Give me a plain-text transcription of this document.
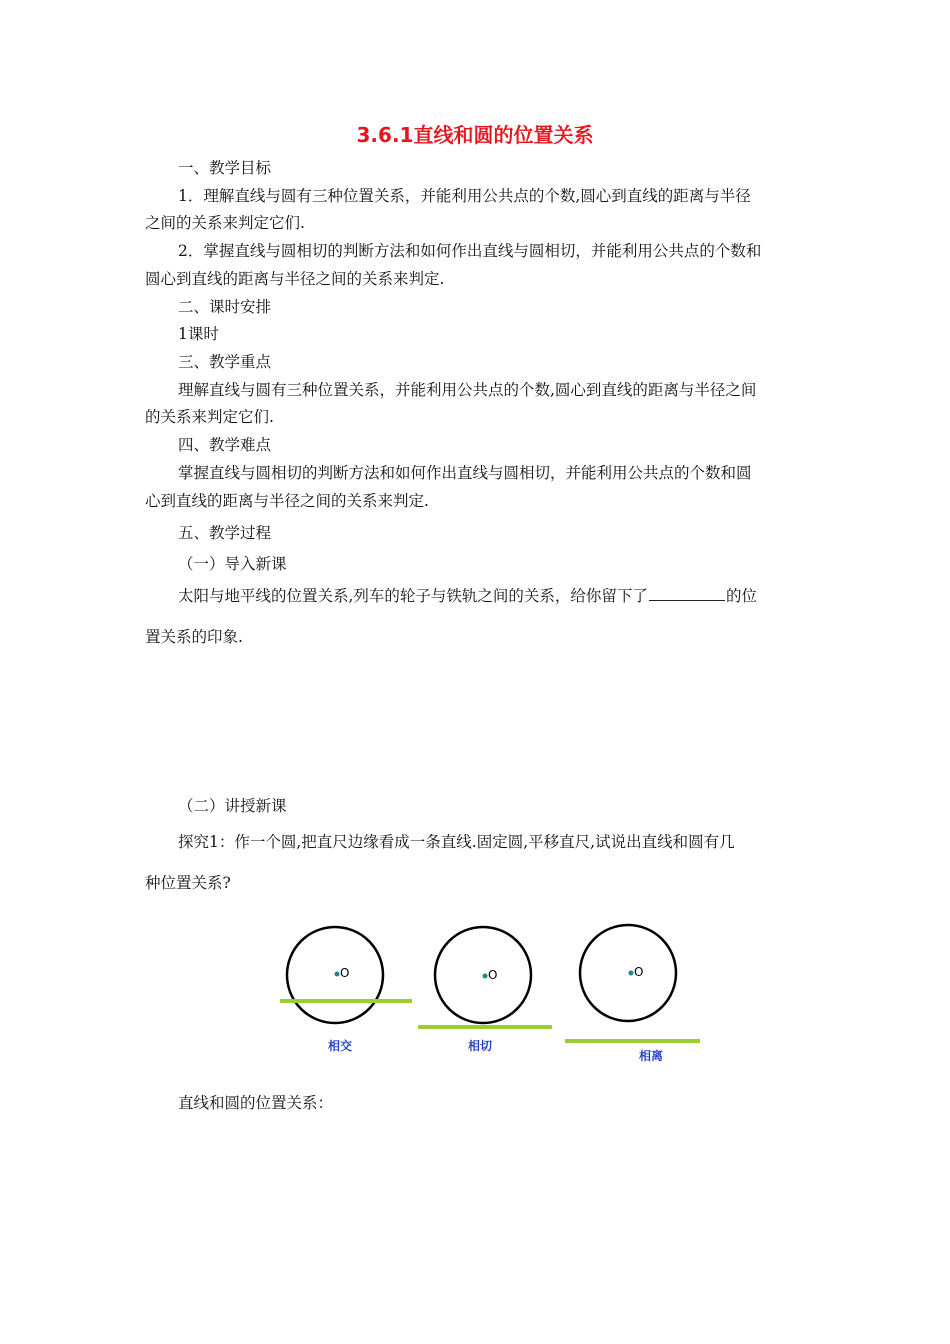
3.6.1直线和圆的位置关系
一、教学目标
1．理解直线与圆有三种位置关系，并能利用公共点的个数,圆心到直线的距离与半径
之间的关系来判定它们.
2．掌握直线与圆相切的判断方法和如何作出直线与圆相切，并能利用公共点的个数和
圆心到直线的距离与半径之间的关系来判定.
二、课时安排
1课时
三、教学重点
理解直线与圆有三种位置关系，并能利用公共点的个数,圆心到直线的距离与半径之间
的关系来判定它们.
四、教学难点
掌握直线与圆相切的判断方法和如何作出直线与圆相切，并能利用公共点的个数和圆
心到直线的距离与半径之间的关系来判定.
五、教学过程
（一）导入新课
太阳与地平线的位置关系,列车的轮子与铁轨之间的关系，给你留下了	的位
置关系的印象.
（二）讲授新课
探究1：作一个圆,把直尺边缘看成一条直线.固定圆,平移直尺,试说出直线和圆有几
种位置关系?
O
相交
O
相切
O
相离
直线和圆的位置关系：
